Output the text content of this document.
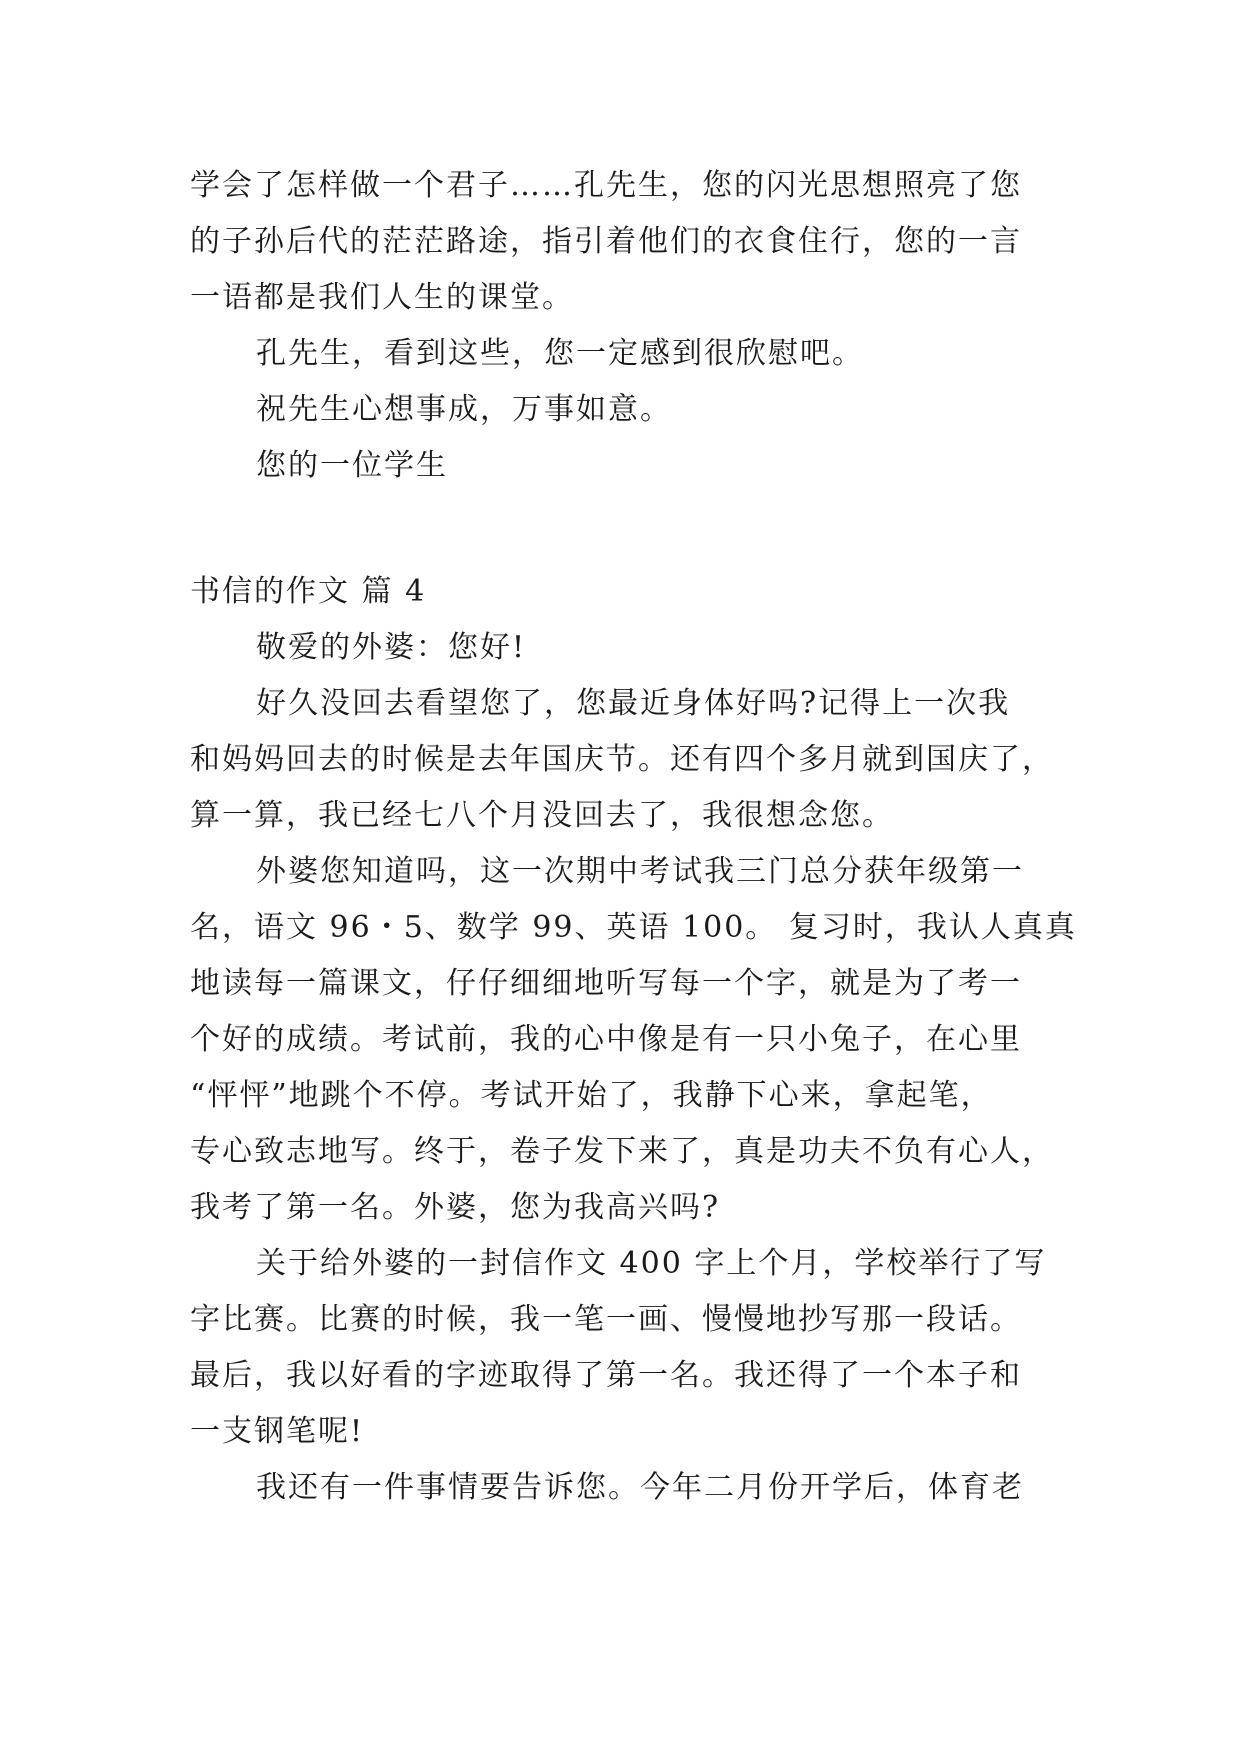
学会了怎样做一个君子……孔先生，您的闪光思想照亮了您
的子孙后代的茫茫路途，指引着他们的衣食住行，您的一言
一语都是我们人生的课堂。
孔先生，看到这些，您一定感到很欣慰吧。
祝先生心想事成，万事如意。
您的一位学生
书信的作文 篇 4
敬爱的外婆：您好!
好久没回去看望您了，您最近身体好吗?记得上一次我
和妈妈回去的时候是去年国庆节。还有四个多月就到国庆了，
算一算，我已经七八个月没回去了，我很想念您。
外婆您知道吗，这一次期中考试我三门总分获年级第一
名，语文 96・5、数学 99、英语 100。 复习时，我认人真真
地读每一篇课文，仔仔细细地听写每一个字，就是为了考一
个好的成绩。考试前，我的心中像是有一只小兔子，在心里
“怦怦”地跳个不停。考试开始了，我静下心来，拿起笔，
专心致志地写。终于，卷子发下来了，真是功夫不负有心人，
我考了第一名。外婆，您为我高兴吗?
关于给外婆的一封信作文 400 字上个月，学校举行了写
字比赛。比赛的时候，我一笔一画、慢慢地抄写那一段话。
最后，我以好看的字迹取得了第一名。我还得了一个本子和
一支钢笔呢!
我还有一件事情要告诉您。今年二月份开学后，体育老
